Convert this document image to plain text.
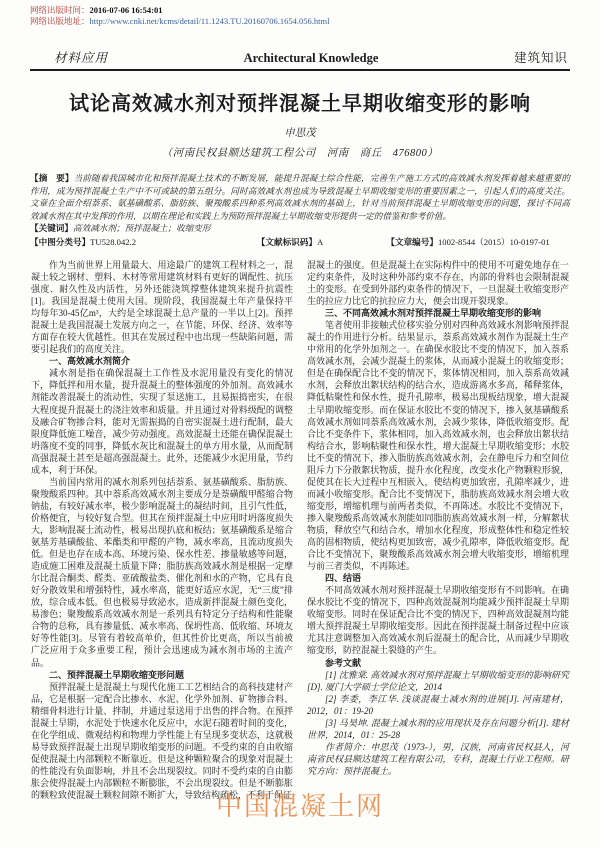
网络出版时间：2016-07-06 16:54:01
网络出版地址：http://www.cnki.net/kcms/detail/11.1243.TU.20160706.1654.056.html
材料应用	Architectural Knowledge	建筑知识
试论高效减水剂对预拌混凝土早期收缩变形的影响
申思茂
（河南民权县顺达建筑工程公司　河南　商丘　476800）
【摘　要】当前随着我国城市化和预拌混凝土技术的不断发展，能提升混凝土综合性能，完善生产施工方式的高效减水剂发挥着越来越重要的作用，成为预拌混凝土生产中不可或缺的第五组分。同时高效减水剂也成为导致混凝土早期收缩变形的重要因素之一，引起人们的高度关注。文章在全面介绍萘系、氨基磺酸系、脂肪族、聚羧酸系四种系列高效减水剂的基础上，针对当前预拌混凝土早期收缩变形的问题，探讨不同高效减水剂在其中发挥的作用，以期在理论和实践上为预防预拌混凝土早期收缩变形提供一定的借鉴和参考价值。
【关键词】高效减水剂；预拌混凝土；收缩变形
【中图分类号】TU528.042.2	【文献标识码】A	【文章编号】1002-8544（2015）10-0197-01
作为当前世界上用量最大、用途最广的建筑工程材料之一，混凝土较之钢材、塑料、木材等常用建筑材料有更好的调配性、抗压强度、耐久性及内活性，另外还能浇筑撑整体建筑来提升抗震性[1]。我国是混凝土使用大国。现阶段，我国混凝土年产量保持平均每年30-45亿m³，大约是全球混凝土总产量的一半以上[2]。预拌混凝土是我国混凝土发展方向之一，在节能、环保、经济、效率等方面存在较大优越性。但其在发展过程中也出现一些缺陷问题，需要引起我们的高度关注。
一、高效减水剂简介
减水剂是指在确保混凝土工作性及水泥用量没有变化的情况下，降低拌和用水量，提升混凝土的整体强度的外加剂。高效减水剂能改善混凝土的流动性，实现了泵送施工，且易振捣密实，在很大程度提升混凝土的浇注效率和质量。并且通过对骨料级配的调整及融合矿物掺合料，能对无需振捣的自密实混凝土进行配制，最大限度降低施工噪音，减少劳动强度。高效混凝土还能在确保混凝土坍落度不变的同事，降低水灰比和混凝土的单方用水量，从而配制高强混凝土甚至是超高强混凝土。此外，还能减少水泥用量，节约成本，利于环保。
当前国内常用的减水剂系列包括萘系、氨基磺酸系、脂肪族、聚羧酸系四种。其中萘系高效减水剂主要成分是萘磺酸甲醛缩合物钠盐，有较好减水率，极少影响混凝土的凝结时间，且引气性低，价格便宜，与较好复合型。但其在预拌混凝土中应用时坍落度损失大，影响混凝土流动性，极易出现扒底和板结；氨基磺酸系是缩合氨基芳基磺酸盐、苯酯类和甲醛的产物，减水率高，且流动度损失低。但是也存在成本高、环境污染、保水性差、掺量敏感等问题，造成施工困难及混凝土质量下降；脂肪族高效减水剂是根据一定摩尔比混合酮类、醛类、亚硫酸盐类、催化剂和水的产物，它具有良好分散效果和增强特性，减水率高，能更好适应水泥，无“三废”排放，综合成本低。但也极易导致泌水，造成新拌混凝土颜色变化，易渗色；聚羧酸系高效减水剂是一系列具有特定分子结构和性能聚合物的总称，具有掺量低、减水率高、保坍性高、低收缩、环境友好等性能[3]。尽管有着较高单价，但其性价比更高，所以当前被广泛应用于众多重要工程，预计会迅速成为减水剂市场的主流产品。
二、预拌混凝土早期收缩变形问题
预拌混凝土是混凝土与现代化施工工艺相结合的高科技建材产品，它是根据一定配合比掺水、水泥、化学外加剂、矿物掺合料、精细骨料进行计量、拌制，并通过泵送用于出售的拌合物。在预拌混凝土早期，水泥处于快速水化反应中，水泥石随着时间的变化，在化学组成、微观结构和物理力学性能上有呈现多变状态，这就极易导致预拌混凝土出现早期收缩变形的问题。不受约束的自由收缩促使混凝土内部颗粒不断靠近。但是这种颗粒聚合的现象对混凝土的性能没有负面影响，并且不会出现裂纹。同时不受约束的自由膨胀会使得混凝土内部颗粒不断膨胀，不会出现裂纹。但是不断膨胀的颗粒致使混凝土颗粒间隙不断扩大，导致结构疏松，不利于保证
混凝土的强度。但是混凝土在实际构件中的使用不可避免地存在一定约束条件，及时这种外部约束不存在，内部的骨料也会限制混凝土的变形。在受到外部约束条件的情况下，一旦混凝土收缩变形产生的拉应力比它的抗拉应力大，便会出现开裂现象。
三、不同高效减水剂对预拌混凝土早期收缩变形的影响
笔者使用非接触式位移实验分别对四种高效减水剂影响预拌混凝土的作用进行分析。结果显示，萘系高效减水剂作为混凝土生产中常用的化学外加剂之一。在确保水胶比不变的情况下，加入萘系高效减水剂，会减少混凝土的浆体，从而减小混凝土的收缩变形；但是在确保配合比不变的情况下，浆体情况相同，加入萘系高效减水剂，会释放出絮状结构的结合水，造成游离水多高，稀释浆体，降低粘聚性和保水性，提升孔隙率，极易出现板结现象，增大混凝土早期收缩变形。而在保证水胶比不变的情况下，掺入氨基磺酸系高效减水剂如同萘系高效减水剂，会减少浆体，降低收缩变形。配合比不变条件下，浆体相同，加入高效减水剂，也会释放出絮状结构结合水，影响粘聚性和保水性，增大混凝土早期收缩变形；水胶比不变的情况下，掺入脂肪族高效减水剂，会在静电斥力和空间位阻斥力下分散絮状物质，提升水化程度，改变水化产物颗粒形貌，促使其在长大过程中互相嵌入，使结构更加致密，孔隙率减少，进而减小收缩变形。配合比不变情况下，脂肪族高效减水剂会增大收缩变形，增缩机理与前两者类似，不再陈述。水胶比不变情况下，掺入聚羧酸系高效减水剂能如同脂肪族高效减水剂一样，分解絮状物质，释放空气和结合水，增加水化程度，形成整体性和稳定性较高的固相物质，使结构更加致密，减少孔隙率，降低收缩变形。配合比不变情况下，聚羧酸系高效减水剂会增大收缩变形，增缩机理与前三者类似，不再陈述。
四、结语
不同高效减水剂对预拌混凝土早期收缩变形有不同影响。在确保水胶比不变的情况下，四种高效混凝剂均能减少预拌混凝土早期收缩变形。同时在保证配合比不变的情况下，四种高效混凝剂均能增大预拌混凝土早期收缩变形。因此在预拌混凝土制备过程中应该尤其注意调整加入高效减水剂后混凝土的配合比，从而减少早期收缩变形，防控混凝土裂缝的产生。
参考文献
[1] 沈雅棠. 高效减水剂对预拌混凝土早期收缩变形的影响研究[D]. 厦门大学硕士学位论文，2014
[2] 李委，李江华. 浅谈混凝土减水剂的进展[J]. 河南建材，2012，01：19-20
[3] 马昊坤. 混凝土减水剂的应用现状及存在问题分析[J]. 建材世界，2014，01：25-28
作者简介：申思茂（1973-），男，汉族，河南省民权县人，河南省民权县顺达建筑工程有限公司，专科，混凝土行业工程师。研究方向：预拌混凝土。
中国混凝土网
